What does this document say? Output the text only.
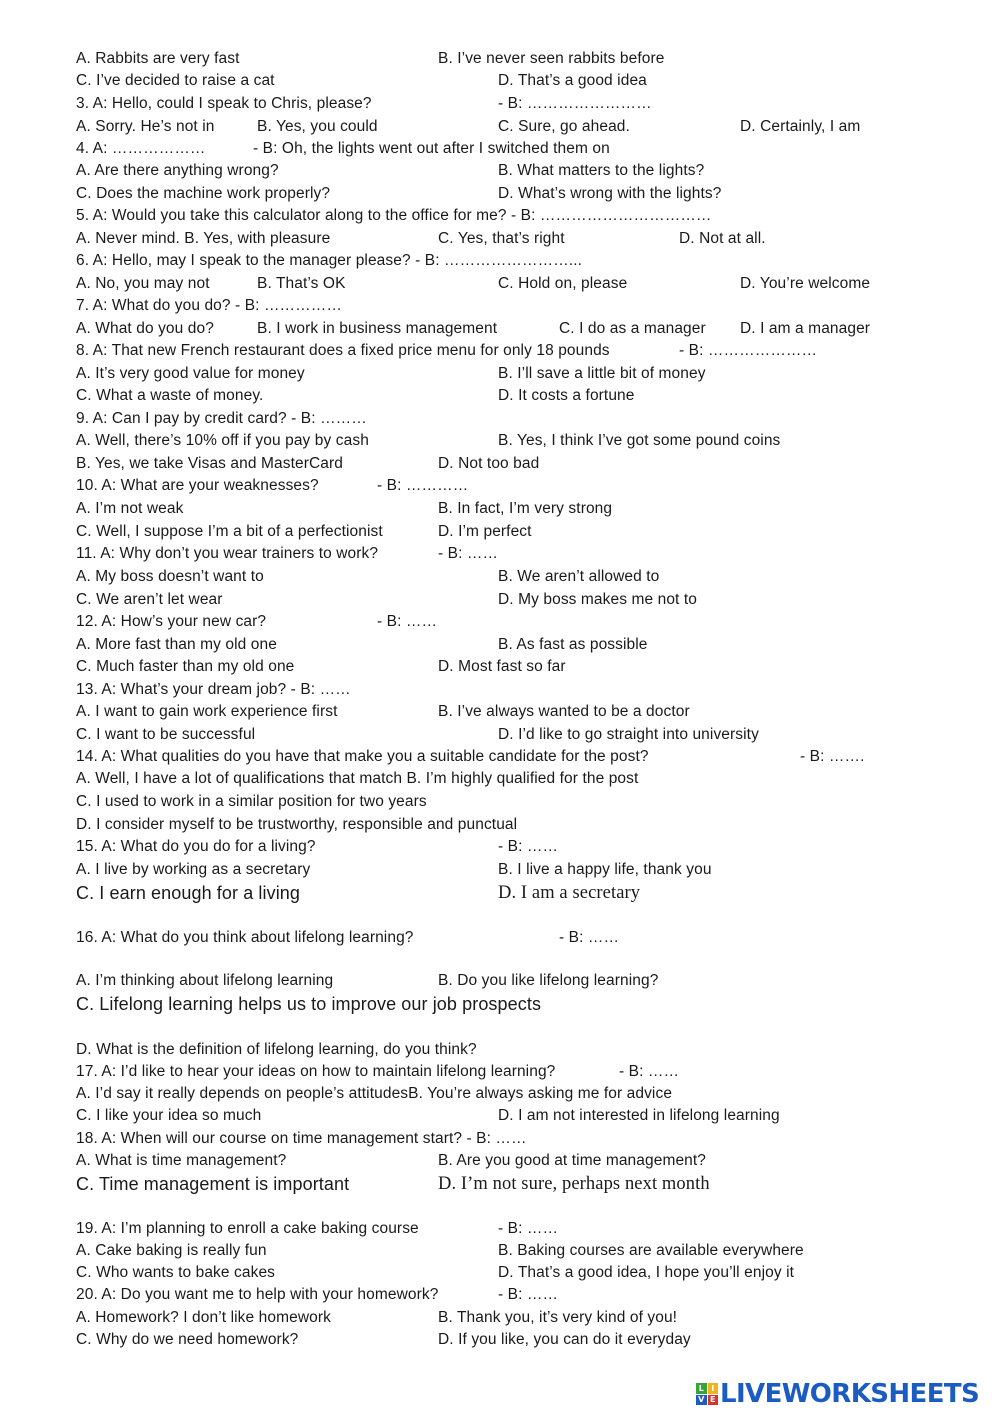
A. Rabbits are very fast	B. I’ve never seen rabbits before
C. I’ve decided to raise a cat	D. That’s a good idea
3. A: Hello, could I speak to Chris, please?	- B: ……………………
A. Sorry. He’s not in	B. Yes, you could	C. Sure, go ahead.	D. Certainly, I am
4. A: ………………	- B: Oh, the lights went out after I switched them on
A. Are there anything wrong?	B. What matters to the lights?
C. Does the machine work properly?	D. What’s wrong with the lights?
5. A: Would you take this calculator along to the office for me? - B: ……………………………
A. Never mind. B. Yes, with pleasure	C. Yes, that’s right	D. Not at all.
6. A: Hello, may I speak to the manager please? - B: ……………………...
A. No, you may not	B. That’s OK	C. Hold on, please	D. You’re welcome
7. A: What do you do? - B: ……………
A. What do you do?	B. I work in business management	C. I do as a manager D. I am a manager
8. A: That new French restaurant does a fixed price menu for only 18 pounds	- B: …………………
A. It’s very good value for money	B. I’ll save a little bit of money
C. What a waste of money.	D. It costs a fortune
9. A: Can I pay by credit card? - B: ………
A. Well, there’s 10% off if you pay by cash	B. Yes, I think I’ve got some pound coins
B. Yes, we take Visas and MasterCard	D. Not too bad
10. A: What are your weaknesses?	- B: …………
A. I’m not weak	B. In fact, I’m very strong
C. Well, I suppose I’m a bit of a perfectionist	D. I’m perfect
11. A: Why don’t you wear trainers to work?	- B: ……
A. My boss doesn’t want to	B. We aren’t allowed to
C. We aren’t let wear	D. My boss makes me not to
12. A: How’s your new car?	- B: ……
A. More fast than my old one	B. As fast as possible
C. Much faster than my old one	D. Most fast so far
13. A: What’s your dream job? - B: ……
A. I want to gain work experience first	B. I’ve always wanted to be a doctor
C. I want to be successful	D. I’d like to go straight into university
14. A: What qualities do you have that make you a suitable candidate for the post?	- B: …….
A. Well, I have a lot of qualifications that match B. I’m highly qualified for the post
C. I used to work in a similar position for two years
D. I consider myself to be trustworthy, responsible and punctual
15. A: What do you do for a living?	- B: ……
A. I live by working as a secretary	B. I live a happy life, thank you
C. I earn enough for a living	D. I am a secretary
16. A: What do you think about lifelong learning?	- B: ……
A. I’m thinking about lifelong learning	B. Do you like lifelong learning?
C. Lifelong learning helps us to improve our job prospects
D. What is the definition of lifelong learning, do you think?
17. A: I’d like to hear your ideas on how to maintain lifelong learning?	- B: ……
A. I’d say it really depends on people’s attitudesB. You’re always asking me for advice
C. I like your idea so much	D. I am not interested in lifelong learning
18. A: When will our course on time management start? - B: ……
A. What is time management?	B. Are you good at time management?
C. Time management is important	D. I’m not sure, perhaps next month
19. A: I’m planning to enroll a cake baking course	- B: ……
A. Cake baking is really fun	B. Baking courses are available everywhere
C. Who wants to bake cakes	D. That’s a good idea, I hope you’ll enjoy it
20. A: Do you want me to help with your homework?	- B: ……
A. Homework? I don’t like homework	B. Thank you, it’s very kind of you!
C. Why do we need homework?	D. If you like, you can do it everyday
L I
V E LIVEWORKSHEETS
